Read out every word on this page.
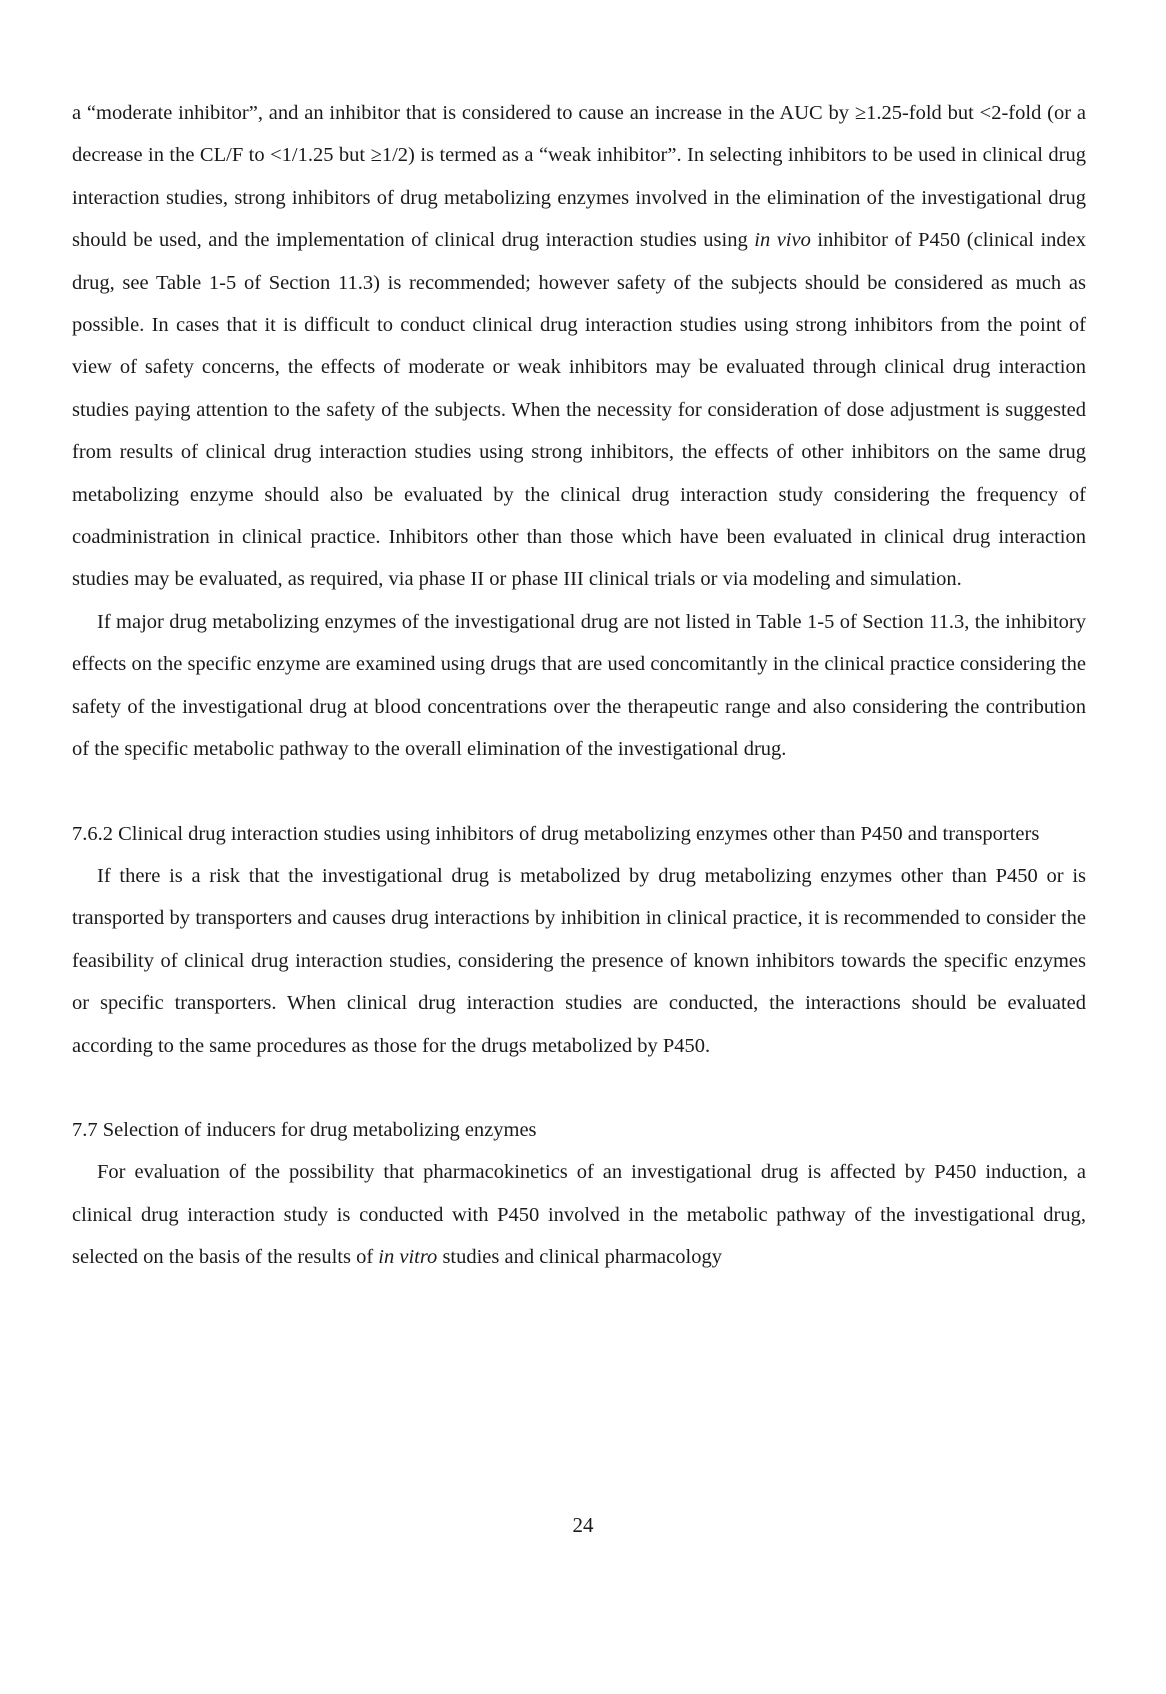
a “moderate inhibitor”, and an inhibitor that is considered to cause an increase in the AUC by ≥1.25-fold but <2-fold (or a decrease in the CL/F to <1/1.25 but ≥1/2) is termed as a “weak inhibitor”. In selecting inhibitors to be used in clinical drug interaction studies, strong inhibitors of drug metabolizing enzymes involved in the elimination of the investigational drug should be used, and the implementation of clinical drug interaction studies using in vivo inhibitor of P450 (clinical index drug, see Table 1-5 of Section 11.3) is recommended; however safety of the subjects should be considered as much as possible. In cases that it is difficult to conduct clinical drug interaction studies using strong inhibitors from the point of view of safety concerns, the effects of moderate or weak inhibitors may be evaluated through clinical drug interaction studies paying attention to the safety of the subjects. When the necessity for consideration of dose adjustment is suggested from results of clinical drug interaction studies using strong inhibitors, the effects of other inhibitors on the same drug metabolizing enzyme should also be evaluated by the clinical drug interaction study considering the frequency of coadministration in clinical practice. Inhibitors other than those which have been evaluated in clinical drug interaction studies may be evaluated, as required, via phase II or phase III clinical trials or via modeling and simulation.

If major drug metabolizing enzymes of the investigational drug are not listed in Table 1-5 of Section 11.3, the inhibitory effects on the specific enzyme are examined using drugs that are used concomitantly in the clinical practice considering the safety of the investigational drug at blood concentrations over the therapeutic range and also considering the contribution of the specific metabolic pathway to the overall elimination of the investigational drug.

7.6.2 Clinical drug interaction studies using inhibitors of drug metabolizing enzymes other than P450 and transporters

If there is a risk that the investigational drug is metabolized by drug metabolizing enzymes other than P450 or is transported by transporters and causes drug interactions by inhibition in clinical practice, it is recommended to consider the feasibility of clinical drug interaction studies, considering the presence of known inhibitors towards the specific enzymes or specific transporters. When clinical drug interaction studies are conducted, the interactions should be evaluated according to the same procedures as those for the drugs metabolized by P450.

7.7 Selection of inducers for drug metabolizing enzymes

For evaluation of the possibility that pharmacokinetics of an investigational drug is affected by P450 induction, a clinical drug interaction study is conducted with P450 involved in the metabolic pathway of the investigational drug, selected on the basis of the results of in vitro studies and clinical pharmacology

24
